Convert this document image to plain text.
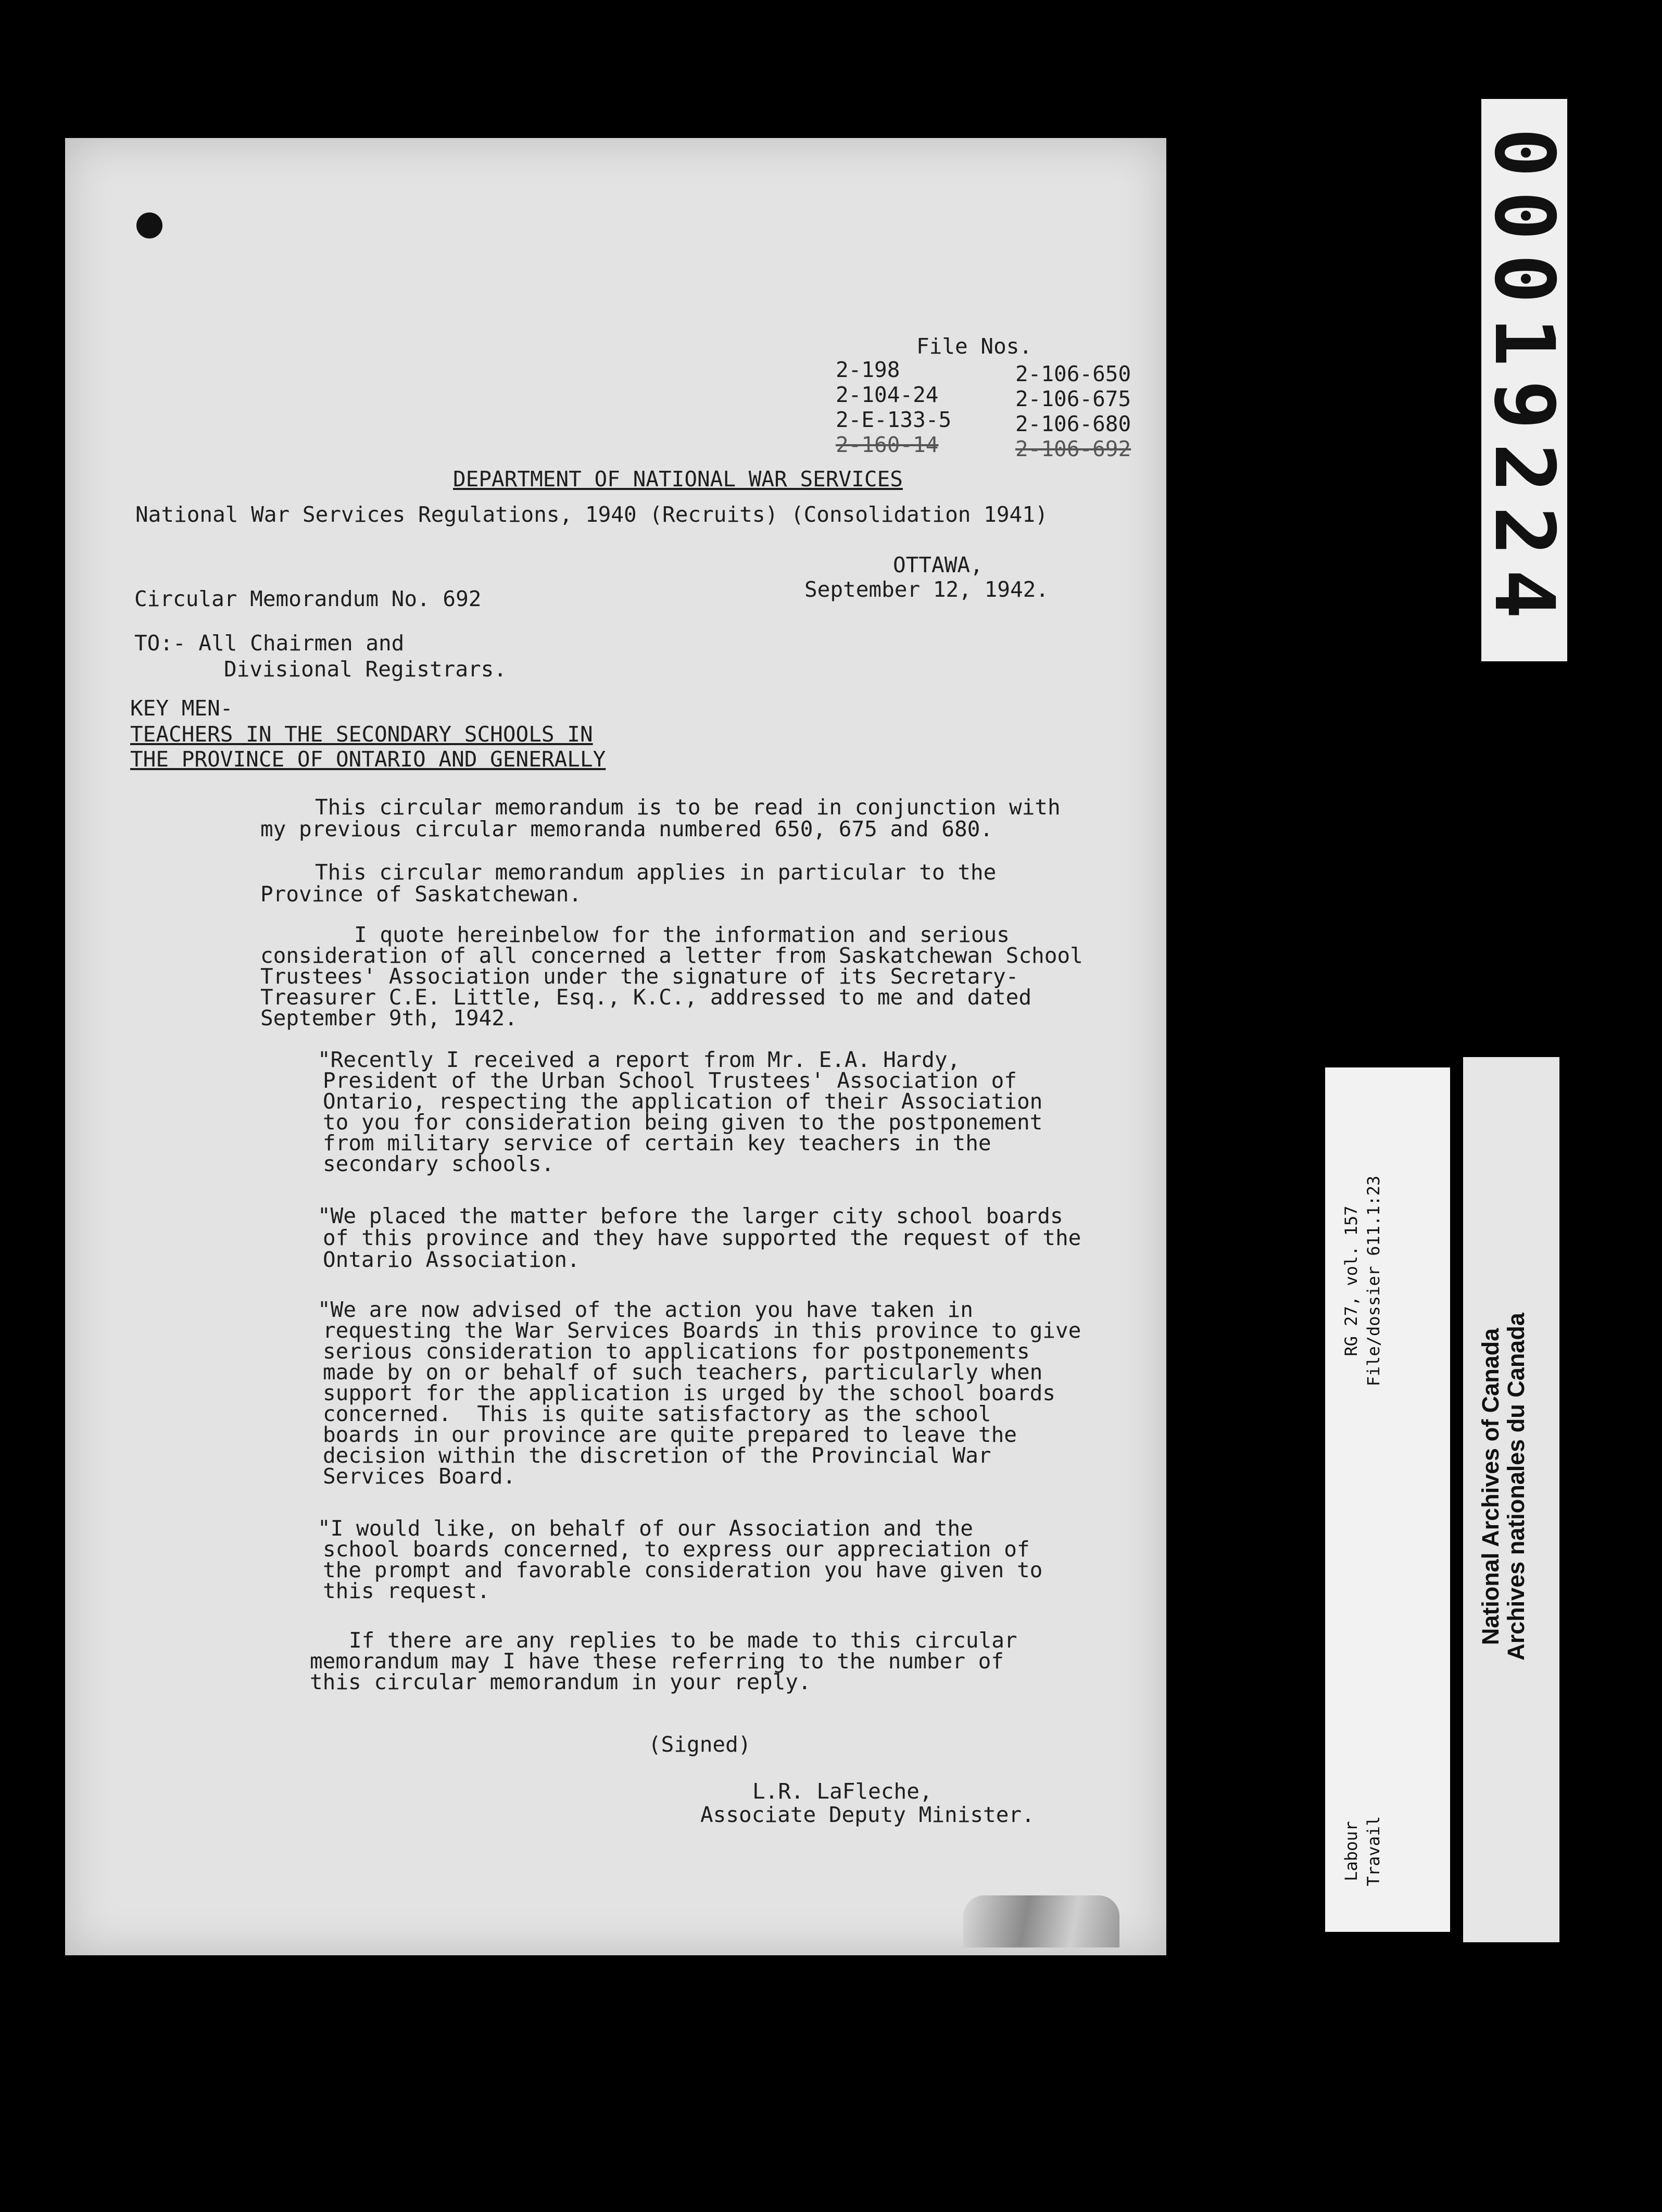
File Nos.
2-198
2-104-24
2-E-133-5
2-160-14
2-106-650
2-106-675
2-106-680
2-106-692
DEPARTMENT OF NATIONAL WAR SERVICES
National War Services Regulations, 1940 (Recruits) (Consolidation 1941)
OTTAWA,
September 12, 1942.
Circular Memorandum No. 692
TO:- All Chairmen and
Divisional Registrars.
KEY MEN-
TEACHERS IN THE SECONDARY SCHOOLS IN
THE PROVINCE OF ONTARIO AND GENERALLY
This circular memorandum is to be read in conjunction with
my previous circular memoranda numbered 650, 675 and 680.
This circular memorandum applies in particular to the
Province of Saskatchewan.
I quote hereinbelow for the information and serious
consideration of all concerned a letter from Saskatchewan School
Trustees' Association under the signature of its Secretary-
Treasurer C.E. Little, Esq., K.C., addressed to me and dated
September 9th, 1942.
"Recently I received a report from Mr. E.A. Hardy,
President of the Urban School Trustees' Association of
Ontario, respecting the application of their Association
to you for consideration being given to the postponement
from military service of certain key teachers in the
secondary schools.
"We placed the matter before the larger city school boards
of this province and they have supported the request of the
Ontario Association.
"We are now advised of the action you have taken in
requesting the War Services Boards in this province to give
serious consideration to applications for postponements
made by on or behalf of such teachers, particularly when
support for the application is urged by the school boards
concerned.  This is quite satisfactory as the school
boards in our province are quite prepared to leave the
decision within the discretion of the Provincial War
Services Board.
"I would like, on behalf of our Association and the
school boards concerned, to express our appreciation of
the prompt and favorable consideration you have given to
this request.
If there are any replies to be made to this circular
memorandum may I have these referring to the number of
this circular memorandum in your reply.
(Signed)
L.R. LaFleche,
Associate Deputy Minister.
00019224
RG 27, vol. 157 File/dossier 611.1:23
Labour Travail
National Archives of Canada
Archives nationales du Canada
